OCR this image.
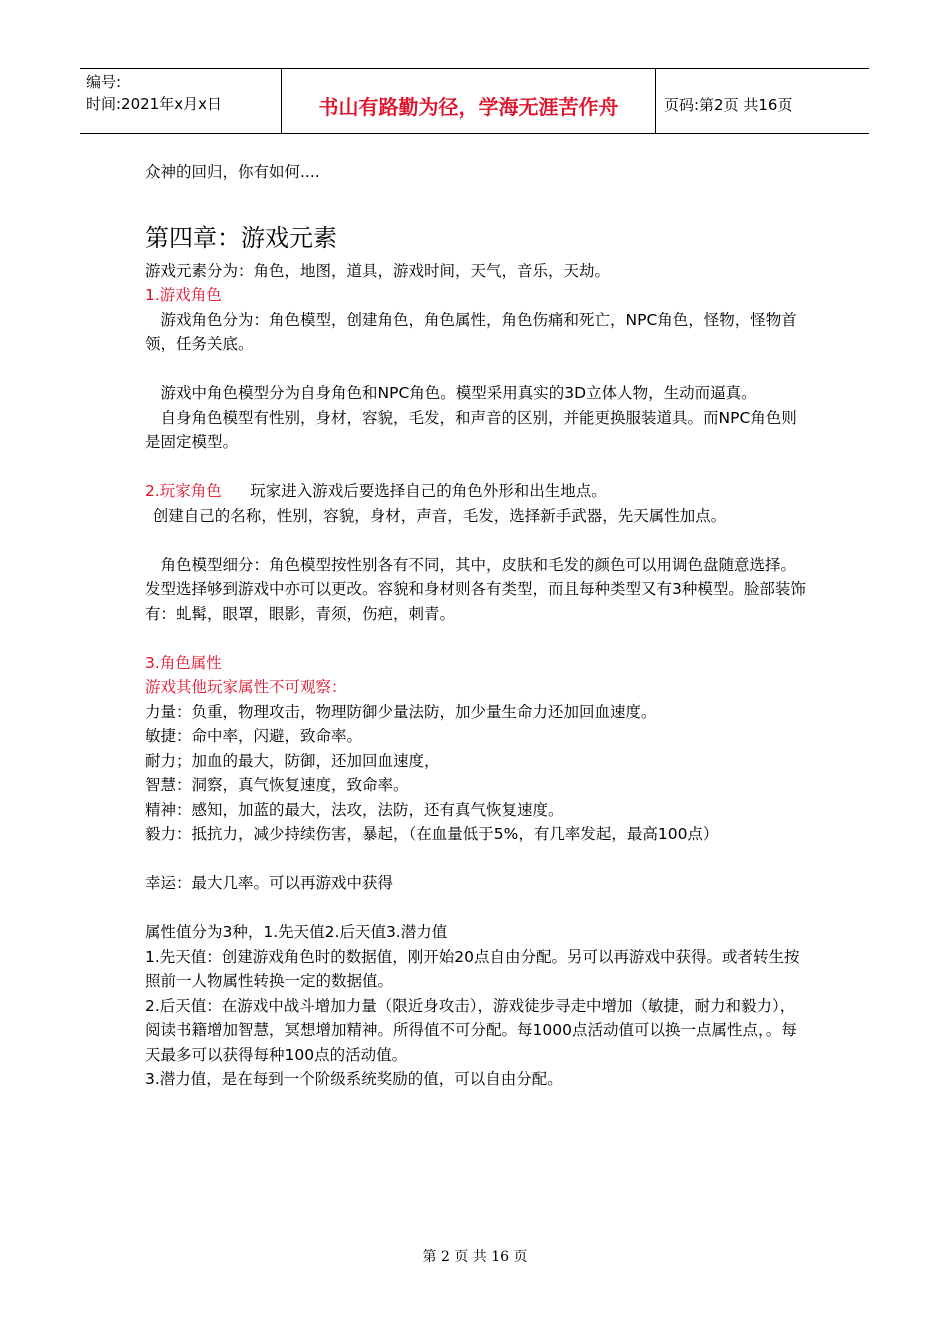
编号:
时间:2021年x月x日	书山有路勤为径，学海无涯苦作舟	页码:第2页 共16页

众神的回归，你有如何....

第四章：游戏元素

游戏元素分为：角色，地图，道具，游戏时间，天气，音乐，天劫。

1.游戏角色

游戏角色分为：角色模型，创建角色，角色属性，角色伤痛和死亡，NPC角色，怪物，怪物首领，任务关底。

游戏中角色模型分为自身角色和NPC角色。模型采用真实的3D立体人物，生动而逼真。

自身角色模型有性别，身材，容貌，毛发，和声音的区别，并能更换服装道具。而NPC角色则是固定模型。

2.玩家角色 玩家进入游戏后要选择自己的角色外形和出生地点。

创建自己的名称，性别，容貌，身材，声音，毛发，选择新手武器，先天属性加点。

角色模型细分：角色模型按性别各有不同，其中，皮肤和毛发的颜色可以用调色盘随意选择。发型选择够到游戏中亦可以更改。容貌和身材则各有类型，而且每种类型又有3种模型。脸部装饰有：虬髯，眼罩，眼影，青须，伤疤，刺青。

3.角色属性

游戏其他玩家属性不可观察：

力量：负重，物理攻击，物理防御少量法防，加少量生命力还加回血速度。

敏捷：命中率，闪避，致命率。

耐力；加血的最大，防御，还加回血速度，

智慧：洞察，真气恢复速度，致命率。

精神：感知，加蓝的最大，法攻，法防，还有真气恢复速度。

毅力：抵抗力，减少持续伤害，暴起，（在血量低于5%，有几率发起，最高100点）

幸运：最大几率。可以再游戏中获得

属性值分为3种，1.先天值2.后天值3.潜力值

1.先天值：创建游戏角色时的数据值，刚开始20点自由分配。另可以再游戏中获得。或者转生按照前一人物属性转换一定的数据值。

2.后天值：在游戏中战斗增加力量（限近身攻击），游戏徒步寻走中增加（敏捷，耐力和毅力），阅读书籍增加智慧，冥想增加精神。所得值不可分配。每1000点活动值可以换一点属性点，。每天最多可以获得每种100点的活动值。

3.潜力值，是在每到一个阶级系统奖励的值，可以自由分配。

第 2 页 共 16 页
